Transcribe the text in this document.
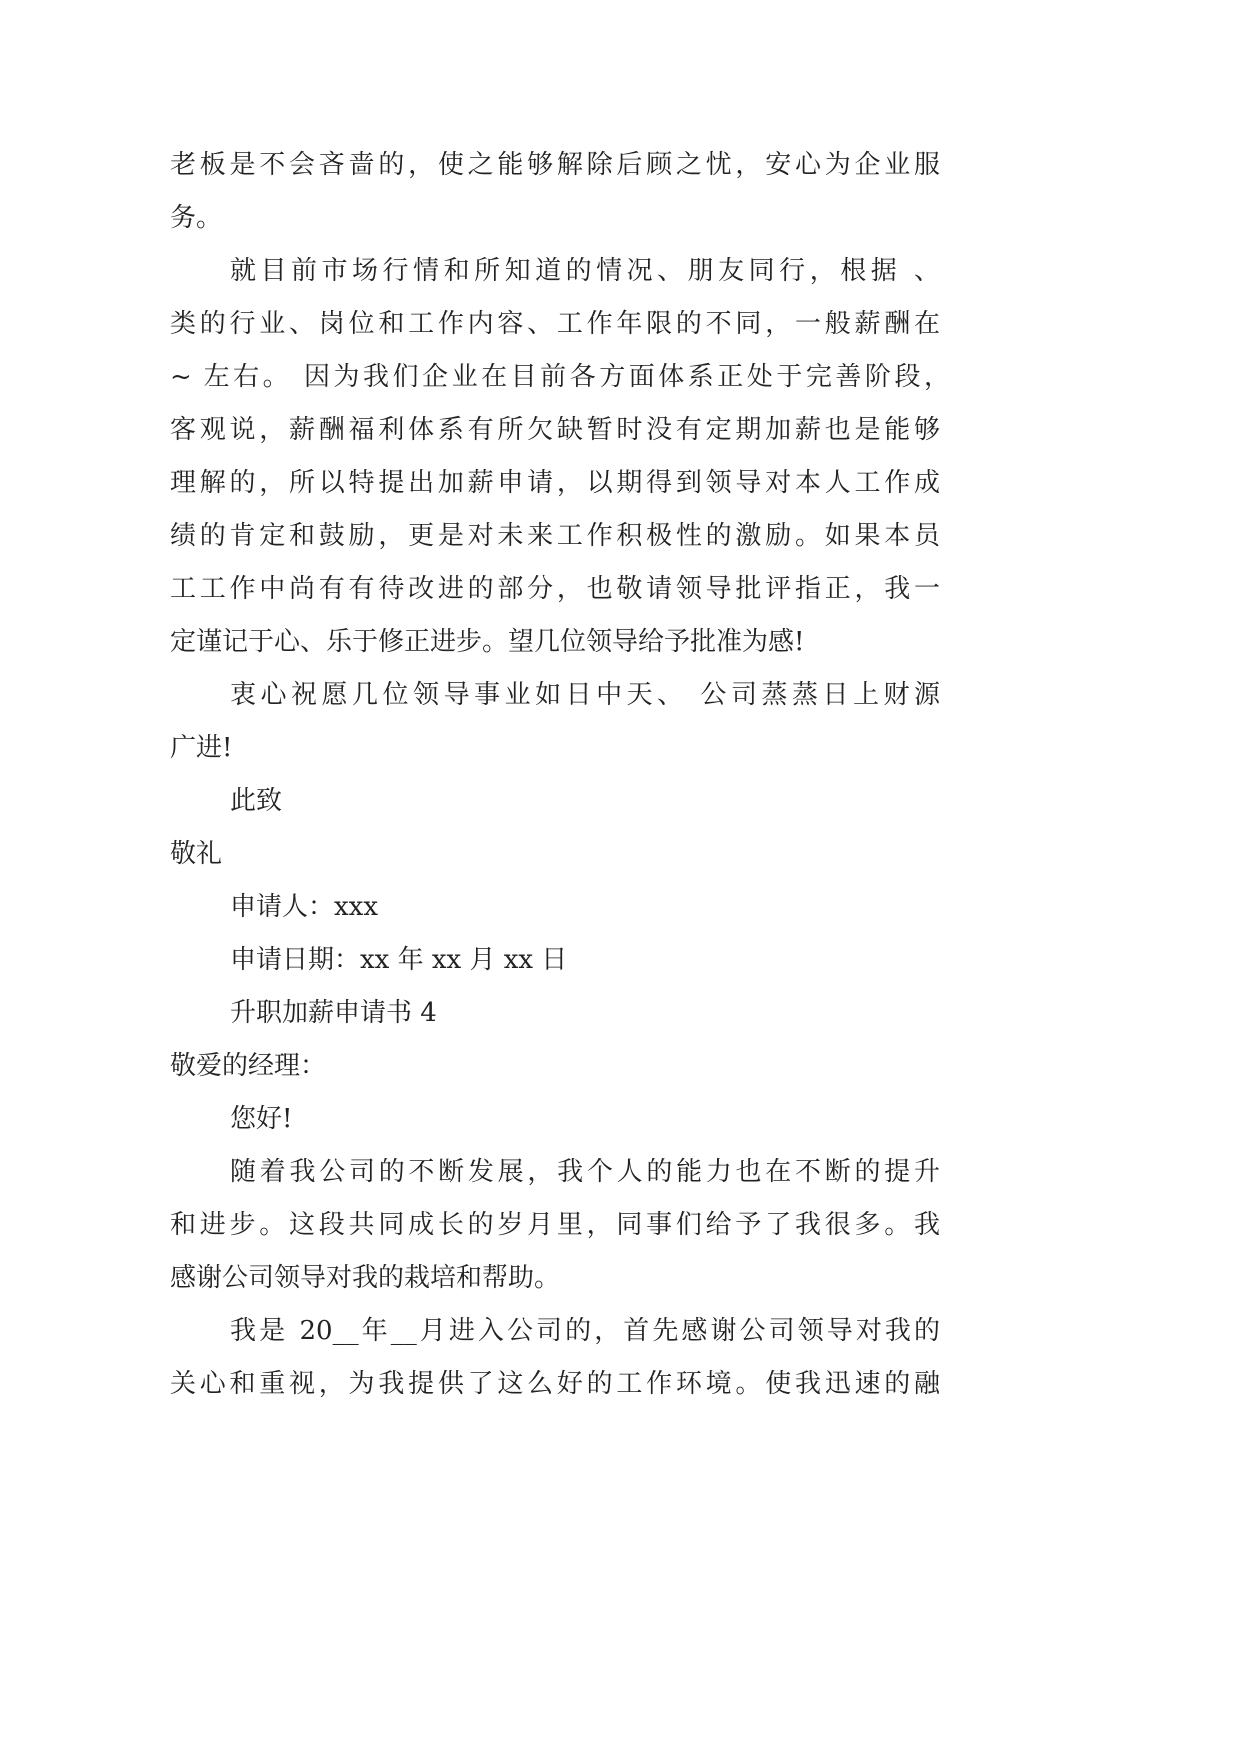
老板是不会吝啬的，使之能够解除后顾之忧，安心为企业服

务。

就目前市场行情和所知道的情况、朋友同行，根据 、

类的行业、岗位和工作内容、工作年限的不同，一般薪酬在

~ 左右。 因为我们企业在目前各方面体系正处于完善阶段，

客观说，薪酬福利体系有所欠缺暂时没有定期加薪也是能够

理解的，所以特提出加薪申请，以期得到领导对本人工作成

绩的肯定和鼓励，更是对未来工作积极性的激励。如果本员

工工作中尚有有待改进的部分，也敬请领导批评指正，我一

定谨记于心、乐于修正进步。望几位领导给予批准为感!

衷心祝愿几位领导事业如日中天、 公司蒸蒸日上财源

广进!

此致

敬礼

申请人：xxx

申请日期：xx 年 xx 月 xx 日

升职加薪申请书 4

敬爱的经理：

您好!

随着我公司的不断发展，我个人的能力也在不断的提升

和进步。这段共同成长的岁月里，同事们给予了我很多。我

感谢公司领导对我的栽培和帮助。

我是 20__年__月进入公司的，首先感谢公司领导对我的

关心和重视，为我提供了这么好的工作环境。使我迅速的融
